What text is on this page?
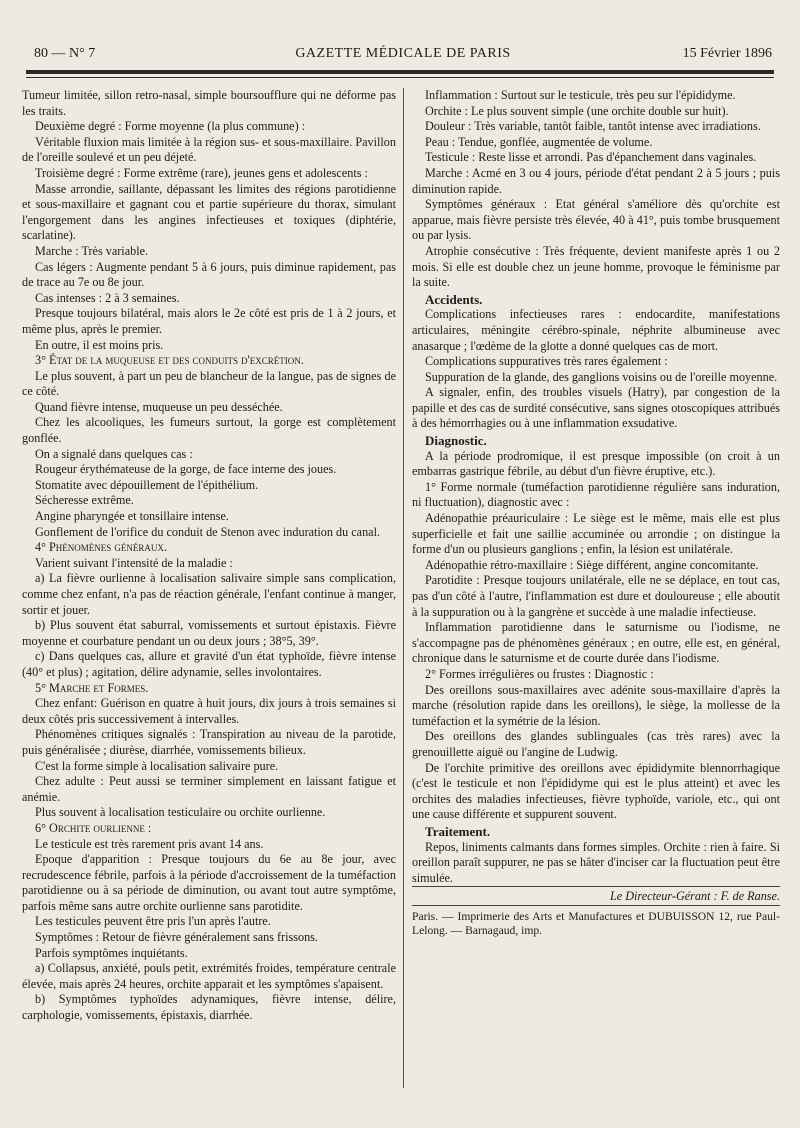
80 — N° 7	GAZETTE MÉDICALE DE PARIS	15 Février 1896

Tumeur limitée, sillon retro-nasal, simple boursoufflure qui ne déforme pas les traits.

Deuxième degré : Forme moyenne (la plus commune) :

Véritable fluxion mais limitée à la région sus- et sous-maxillaire. Pavillon de l'oreille soulevé et un peu déjeté.

Troisième degré : Forme extrême (rare), jeunes gens et adolescents :

Masse arrondie, saillante, dépassant les limites des régions parotidienne et sous-maxillaire et gagnant cou et partie supérieure du thorax, simulant l'engorgement dans les angines infectieuses et toxiques (diphtérie, scarlatine).

Marche : Très variable.

Cas légers : Augmente pendant 5 à 6 jours, puis diminue rapidement, pas de trace au 7e ou 8e jour.

Cas intenses : 2 à 3 semaines.

Presque toujours bilatéral, mais alors le 2e côté est pris de 1 à 2 jours, et même plus, après le premier.

En outre, il est moins pris.

3° État de la muqueuse et des conduits d'excrétion.

Le plus souvent, à part un peu de blancheur de la langue, pas de signes de ce côté.

Quand fièvre intense, muqueuse un peu desséchée.

Chez les alcooliques, les fumeurs surtout, la gorge est complètement gonflée.

On a signalé dans quelques cas :

Rougeur érythémateuse de la gorge, de face interne des joues.

Stomatite avec dépouillement de l'épithélium.

Sécheresse extrême.

Angine pharyngée et tonsillaire intense.

Gonflement de l'orifice du conduit de Stenon avec induration du canal.

4° Phénomènes généraux.

Varient suivant l'intensité de la maladie :

a) La fièvre ourlienne à localisation salivaire simple sans complication, comme chez enfant, n'a pas de réaction générale, l'enfant continue à manger, sortir et jouer.

b) Plus souvent état saburral, vomissements et surtout épistaxis. Fièvre moyenne et courbature pendant un ou deux jours ; 38°5, 39°.

c) Dans quelques cas, allure et gravité d'un état typhoïde, fièvre intense (40° et plus) ; agitation, délire adynamie, selles involontaires.

5° Marche et Formes.

Chez enfant: Guérison en quatre à huit jours, dix jours à trois semaines si deux côtés pris successivement à intervalles.

Phénomènes critiques signalés : Transpiration au niveau de la parotide, puis généralisée ; diurèse, diarrhée, vomissements bilieux.

C'est la forme simple à localisation salivaire pure.

Chez adulte : Peut aussi se terminer simplement en laissant fatigue et anémie.

Plus souvent à localisation testiculaire ou orchite ourlienne.

6° Orchite ourlienne :

Le testicule est très rarement pris avant 14 ans.

Epoque d'apparition : Presque toujours du 6e au 8e jour, avec recrudescence fébrile, parfois à la période d'accroissement de la tuméfaction parotidienne ou à sa période de diminution, ou avant tout autre symptôme, parfois même sans autre orchite ourlienne sans parotidite.

Les testicules peuvent être pris l'un après l'autre.

Symptômes : Retour de fièvre généralement sans frissons.

Parfois symptômes inquiétants.

a) Collapsus, anxiété, pouls petit, extrémités froides, température centrale élevée, mais après 24 heures, orchite apparait et les symptômes s'apaisent.

b) Symptômes typhoïdes adynamiques, fièvre intense, délire, carphologie, vomissements, épistaxis, diarrhée.

Inflammation : Surtout sur le testicule, très peu sur l'épididyme.

Orchite : Le plus souvent simple (une orchite double sur huit).

Douleur : Très variable, tantôt faible, tantôt intense avec irradiations.

Peau : Tendue, gonflée, augmentée de volume.

Testicule : Reste lisse et arrondi. Pas d'épanchement dans vaginales.

Marche : Acmé en 3 ou 4 jours, période d'état pendant 2 à 5 jours ; puis diminution rapide.

Symptômes généraux : Etat général s'améliore dès qu'orchite est apparue, mais fièvre persiste très élevée, 40 à 41°, puis tombe brusquement ou par lysis.

Atrophie consécutive : Très fréquente, devient manifeste après 1 ou 2 mois. Si elle est double chez un jeune homme, provoque le féminisme par la suite.

Accidents.

Complications infectieuses rares : endocardite, manifestations articulaires, méningite cérébro-spinale, néphrite albumineuse avec anasarque ; l'œdème de la glotte a donné quelques cas de mort.

Complications suppuratives très rares également :

Suppuration de la glande, des ganglions voisins ou de l'oreille moyenne.

A signaler, enfin, des troubles visuels (Hatry), par congestion de la papille et des cas de surdité consécutive, sans signes otoscopiques attribués à des hémorrhagies ou à une inflammation exsudative.

Diagnostic.

A la période prodromique, il est presque impossible (on croit à un embarras gastrique fébrile, au début d'un fièvre éruptive, etc.).

1° Forme normale (tuméfaction parotidienne régulière sans induration, ni fluctuation), diagnostic avec :

Adénopathie préauriculaire : Le siège est le même, mais elle est plus superficielle et fait une saillie accuminée ou arrondie ; on distingue la forme d'un ou plusieurs ganglions ; enfin, la lésion est unilatérale.

Adénopathie rétro-maxillaire : Siège différent, angine concomitante.

Parotidite : Presque toujours unilatérale, elle ne se déplace, en tout cas, pas d'un côté à l'autre, l'inflammation est dure et douloureuse ; elle aboutit à la suppuration ou à la gangrène et succède à une maladie infectieuse.

Inflammation parotidienne dans le saturnisme ou l'iodisme, ne s'accompagne pas de phénomènes généraux ; en outre, elle est, en général, chronique dans le saturnisme et de courte durée dans l'iodisme.

2° Formes irrégulières ou frustes : Diagnostic :

Des oreillons sous-maxillaires avec adénite sous-maxillaire d'après la marche (résolution rapide dans les oreillons), le siège, la mollesse de la tuméfaction et la symétrie de la lésion.

Des oreillons des glandes sublinguales (cas très rares) avec la grenouillette aiguë ou l'angine de Ludwig.

De l'orchite primitive des oreillons avec épididymite blennorrhagique (c'est le testicule et non l'épididyme qui est le plus atteint) et avec les orchites des maladies infectieuses, fièvre typhoïde, variole, etc., qui ont une cause différente et suppurent souvent.

Traitement.

Repos, liniments calmants dans formes simples. Orchite : rien à faire. Si oreillon paraît suppurer, ne pas se hâter d'inciser car la fluctuation peut être simulée.

Le Directeur-Gérant : F. de Ranse.

Paris. — Imprimerie des Arts et Manufactures et DUBUISSON 12, rue Paul-Lelong. — Barnagaud, imp.
